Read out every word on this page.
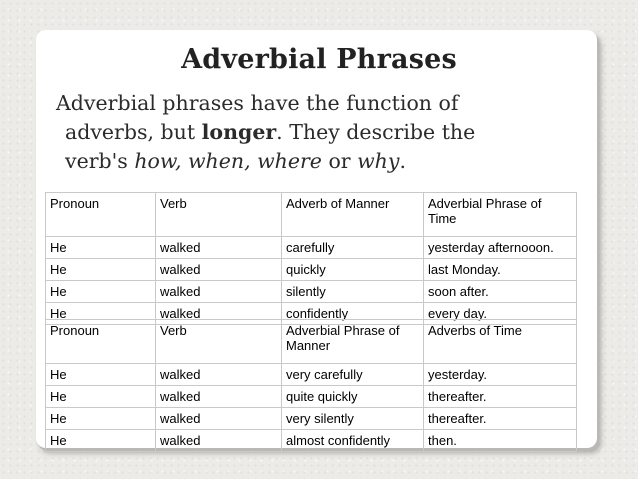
Adverbial Phrases
Adverbial phrases have the function of
adverbs, but longer. They describe the
verb's how, when, where or why.
Pronoun	Verb	Adverb of Manner	Adverbial Phrase of Time
He	walked	carefully	yesterday afternooon.
He	walked	quickly	last Monday.
He	walked	silently	soon after.
He	walked	confidently	every day.
Pronoun	Verb	Adverbial Phrase of Manner	Adverbs of Time
He	walked	very carefully	yesterday.
He	walked	quite quickly	thereafter.
He	walked	very silently	thereafter.
He	walked	almost confidently	then.
